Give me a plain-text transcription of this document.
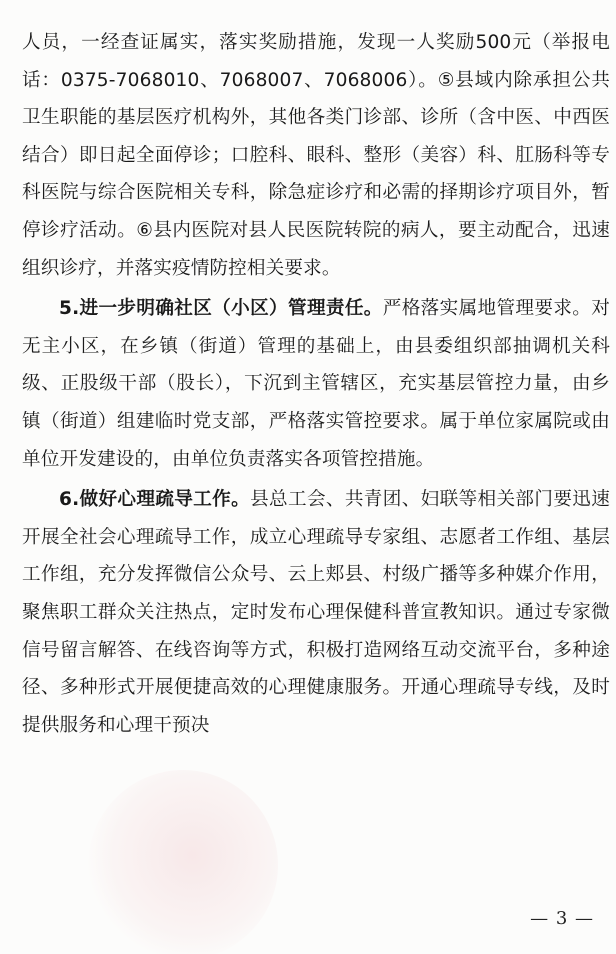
人员，一经查证属实，落实奖励措施，发现一人奖励500元（举报电话：0375-7068010、7068007、7068006）。⑤县域内除承担公共卫生职能的基层医疗机构外，其他各类门诊部、诊所（含中医、中西医结合）即日起全面停诊；口腔科、眼科、整形（美容）科、肛肠科等专科医院与综合医院相关专科，除急症诊疗和必需的择期诊疗项目外，暂停诊疗活动。⑥县内医院对县人民医院转院的病人，要主动配合，迅速组织诊疗，并落实疫情防控相关要求。

5.进一步明确社区（小区）管理责任。严格落实属地管理要求。对无主小区，在乡镇（街道）管理的基础上，由县委组织部抽调机关科级、正股级干部（股长），下沉到主管辖区，充实基层管控力量，由乡镇（街道）组建临时党支部，严格落实管控要求。属于单位家属院或由单位开发建设的，由单位负责落实各项管控措施。

6.做好心理疏导工作。县总工会、共青团、妇联等相关部门要迅速开展全社会心理疏导工作，成立心理疏导专家组、志愿者工作组、基层工作组，充分发挥微信公众号、云上郏县、村级广播等多种媒介作用，聚焦职工群众关注热点，定时发布心理保健科普宣教知识。通过专家微信号留言解答、在线咨询等方式，积极打造网络互动交流平台，多种途径、多种形式开展便捷高效的心理健康服务。开通心理疏导专线，及时提供服务和心理干预决

— 3 —
